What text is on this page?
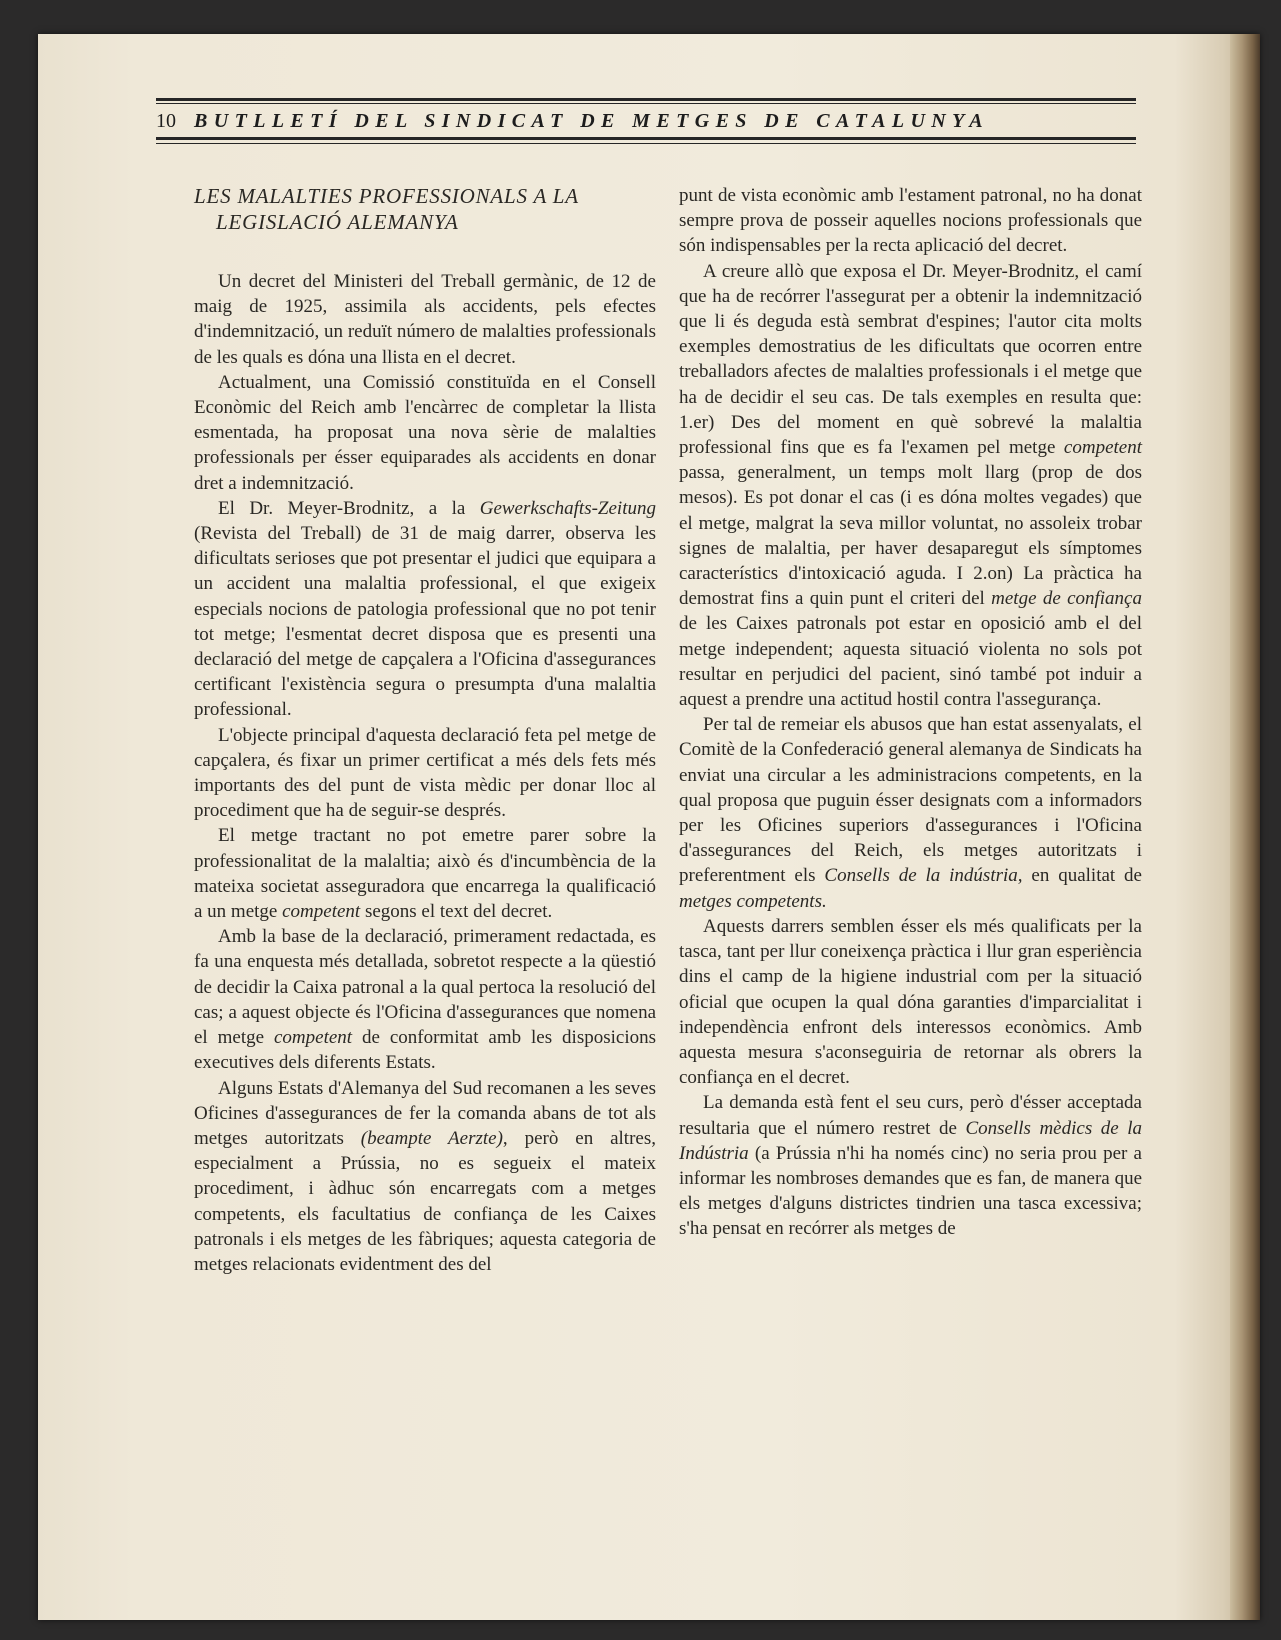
10 BUTLLETÍ DEL SINDICAT DE METGES DE CATALUNYA
LES MALALTIES PROFESSIONALS A LA
LEGISLACIÓ ALEMANYA

Un decret del Ministeri del Treball germànic, de 12 de maig de 1925, assimila als accidents, pels efectes d'indemnització, un reduït número de malalties professionals de les quals es dóna una llista en el decret.

Actualment, una Comissió constituïda en el Consell Econòmic del Reich amb l'encàrrec de completar la llista esmentada, ha proposat una nova sèrie de malalties professionals per ésser equiparades als accidents en donar dret a indemnització.

El Dr. Meyer-Brodnitz, a la Gewerkschafts-Zeitung (Revista del Treball) de 31 de maig darrer, observa les dificultats serioses que pot presentar el judici que equipara a un accident una malaltia professional, el que exigeix especials nocions de patologia professional que no pot tenir tot metge; l'esmentat decret disposa que es presenti una declaració del metge de capçalera a l'Oficina d'assegurances certificant l'existència segura o presumpta d'una malaltia professional.

L'objecte principal d'aquesta declaració feta pel metge de capçalera, és fixar un primer certificat a més dels fets més importants des del punt de vista mèdic per donar lloc al procediment que ha de seguir-se després.

El metge tractant no pot emetre parer sobre la professionalitat de la malaltia; això és d'incumbència de la mateixa societat asseguradora que encarrega la qualificació a un metge competent segons el text del decret.

Amb la base de la declaració, primerament redactada, es fa una enquesta més detallada, sobretot respecte a la qüestió de decidir la Caixa patronal a la qual pertoca la resolució del cas; a aquest objecte és l'Oficina d'assegurances que nomena el metge competent de conformitat amb les disposicions executives dels diferents Estats.

Alguns Estats d'Alemanya del Sud recomanen a les seves Oficines d'assegurances de fer la comanda abans de tot als metges autoritzats (beampte Aerzte), però en altres, especialment a Prússia, no es segueix el mateix procediment, i àdhuc són encarregats com a metges competents, els facultatius de confiança de les Caixes patronals i els metges de les fàbriques; aquesta categoria de metges relacionats evidentment des del

punt de vista econòmic amb l'estament patronal, no ha donat sempre prova de posseir aquelles nocions professionals que són indispensables per la recta aplicació del decret.

A creure allò que exposa el Dr. Meyer-Brodnitz, el camí que ha de recórrer l'assegurat per a obtenir la indemnització que li és deguda està sembrat d'espines; l'autor cita molts exemples demostratius de les dificultats que ocorren entre treballadors afectes de malalties professionals i el metge que ha de decidir el seu cas. De tals exemples en resulta que: 1.er) Des del moment en què sobrevé la malaltia professional fins que es fa l'examen pel metge competent passa, generalment, un temps molt llarg (prop de dos mesos). Es pot donar el cas (i es dóna moltes vegades) que el metge, malgrat la seva millor voluntat, no assoleix trobar signes de malaltia, per haver desaparegut els símptomes característics d'intoxicació aguda. I 2.on) La pràctica ha demostrat fins a quin punt el criteri del metge de confiança de les Caixes patronals pot estar en oposició amb el del metge independent; aquesta situació violenta no sols pot resultar en perjudici del pacient, sinó també pot induir a aquest a prendre una actitud hostil contra l'assegurança.

Per tal de remeiar els abusos que han estat assenyalats, el Comitè de la Confederació general alemanya de Sindicats ha enviat una circular a les administracions competents, en la qual proposa que puguin ésser designats com a informadors per les Oficines superiors d'assegurances i l'Oficina d'assegurances del Reich, els metges autoritzats i preferentment els Consells de la indústria, en qualitat de metges competents.

Aquests darrers semblen ésser els més qualificats per la tasca, tant per llur coneixença pràctica i llur gran esperiència dins el camp de la higiene industrial com per la situació oficial que ocupen la qual dóna garanties d'imparcialitat i independència enfront dels interessos econòmics. Amb aquesta mesura s'aconseguiria de retornar als obrers la confiança en el decret.

La demanda està fent el seu curs, però d'ésser acceptada resultaria que el número restret de Consells mèdics de la Indústria (a Prússia n'hi ha només cinc) no seria prou per a informar les nombroses demandes que es fan, de manera que els metges d'alguns districtes tindrien una tasca excessiva; s'ha pensat en recórrer als metges de
